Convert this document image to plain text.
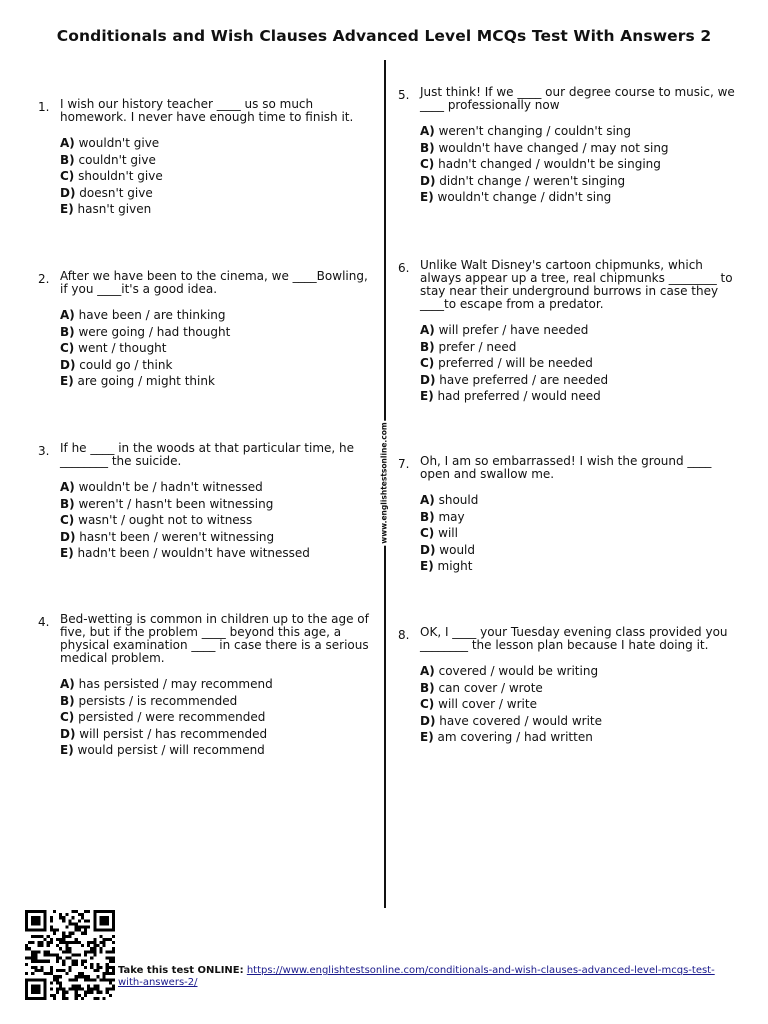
Conditionals and Wish Clauses Advanced Level MCQs Test With Answers 2
www.englishtestsonline.com
1. I wish our history teacher ____ us so much homework. I never have enough time to finish it.

A) wouldn't give
B) couldn't give
C) shouldn't give
D) doesn't give
E) hasn't given
2. After we have been to the cinema, we ____Bowling, if you ____it's a good idea.

A) have been / are thinking
B) were going / had thought
C) went / thought
D) could go / think
E) are going / might think
3. If he ____ in the woods at that particular time, he ________ the suicide.

A) wouldn't be / hadn't witnessed
B) weren't / hasn't been witnessing
C) wasn't / ought not to witness
D) hasn't been / weren't witnessing
E) hadn't been / wouldn't have witnessed
4. Bed-wetting is common in children up to the age of five, but if the problem ____ beyond this age, a physical examination ____ in case there is a serious medical problem.

A) has persisted / may recommend
B) persists / is recommended
C) persisted / were recommended
D) will persist / has recommended
E) would persist / will recommend
5. Just think! If we ____ our degree course to music, we ____ professionally now

A) weren't changing / couldn't sing
B) wouldn't have changed / may not sing
C) hadn't changed / wouldn't be singing
D) didn't change / weren't singing
E) wouldn't change / didn't sing
6. Unlike Walt Disney's cartoon chipmunks, which always appear up a tree, real chipmunks ________ to stay near their underground burrows in case they ____to escape from a predator.

A) will prefer / have needed
B) prefer / need
C) preferred / will be needed
D) have preferred / are needed
E) had preferred / would need
7. Oh, I am so embarrassed! I wish the ground ____ open and swallow me.

A) should
B) may
C) will
D) would
E) might
8. OK, I ____ your Tuesday evening class provided you ________ the lesson plan because I hate doing it.

A) covered / would be writing
B) can cover / wrote
C) will cover / write
D) have covered / would write
E) am covering / had written
Take this test ONLINE: https://www.englishtestsonline.com/conditionals-and-wish-clauses-advanced-level-mcqs-test-with-answers-2/
